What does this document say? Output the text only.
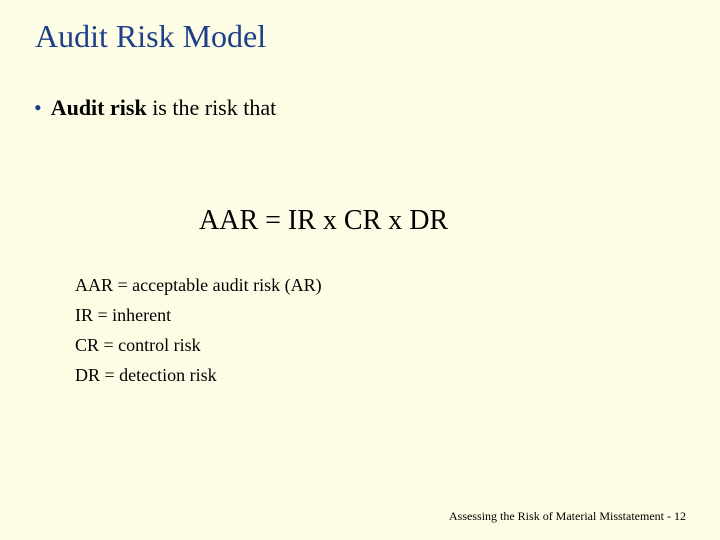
Audit Risk Model
• Audit risk is the risk that
AAR = IR x CR x DR
AAR = acceptable audit risk (AR)
IR = inherent
CR = control risk
DR = detection risk
Assessing the Risk of Material Misstatement - 12
